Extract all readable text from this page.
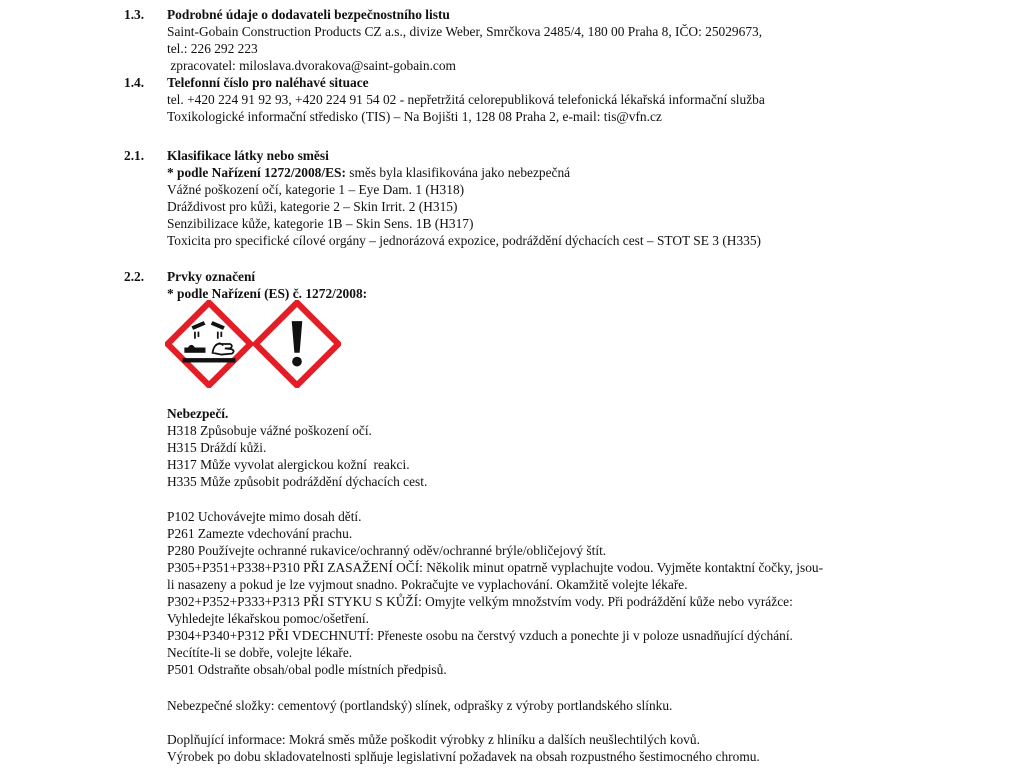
1.3. Podrobné údaje o dodavateli bezpečnostního listu
Saint-Gobain Construction Products CZ a.s., divize Weber, Smrčkova 2485/4, 180 00 Praha 8, IČO: 25029673,
tel.: 226 292 223
zpracovatel: miloslava.dvorakova@saint-gobain.com
1.4. Telefonní číslo pro naléhavé situace
tel. +420 224 91 92 93, +420 224 91 54 02 - nepřetržitá celorepubliková telefonická lékařská informační služba
Toxikologické informační středisko (TIS) – Na Bojišti 1, 128 08 Praha 2, e-mail: tis@vfn.cz
2.1. Klasifikace látky nebo směsi
* podle Nařízení 1272/2008/ES: směs byla klasifikována jako nebezpečná
Vážné poškození očí, kategorie 1 – Eye Dam. 1 (H318)
Dráždivost pro kůži, kategorie 2 – Skin Irrit. 2 (H315)
Senzibilizace kůže, kategorie 1B – Skin Sens. 1B (H317)
Toxicita pro specifické cílové orgány – jednorázová expozice, podráždění dýchacích cest – STOT SE 3 (H335)
2.2. Prvky označení
* podle Nařízení (ES) č. 1272/2008:
Nebezpečí.
H318 Způsobuje vážné poškození očí.
H315 Dráždí kůži.
H317 Může vyvolat alergickou kožní  reakci.
H335 Může způsobit podráždění dýchacích cest.
P102 Uchovávejte mimo dosah dětí.
P261 Zamezte vdechování prachu.
P280 Používejte ochranné rukavice/ochranný oděv/ochranné brýle/obličejový štít.
P305+P351+P338+P310 PŘI ZASAŽENÍ OČÍ: Několik minut opatrně vyplachujte vodou. Vyjměte kontaktní čočky, jsou-
li nasazeny a pokud je lze vyjmout snadno. Pokračujte ve vyplachování. Okamžitě volejte lékaře.
P302+P352+P333+P313 PŘI STYKU S KŮŽÍ: Omyjte velkým množstvím vody. Při podráždění kůže nebo vyrážce:
Vyhledejte lékařskou pomoc/ošetření.
P304+P340+P312 PŘI VDECHNUTÍ: Přeneste osobu na čerstvý vzduch a ponechte ji v poloze usnadňující dýchání.
Necítíte-li se dobře, volejte lékaře.
P501 Odstraňte obsah/obal podle místních předpisů.
Nebezpečné složky: cementový (portlandský) slínek, odprašky z výroby portlandského slínku.
Doplňující informace: Mokrá směs může poškodit výrobky z hliníku a dalších neušlechtilých kovů.
Výrobek po dobu skladovatelnosti splňuje legislativní požadavek na obsah rozpustného šestimocného chromu.
